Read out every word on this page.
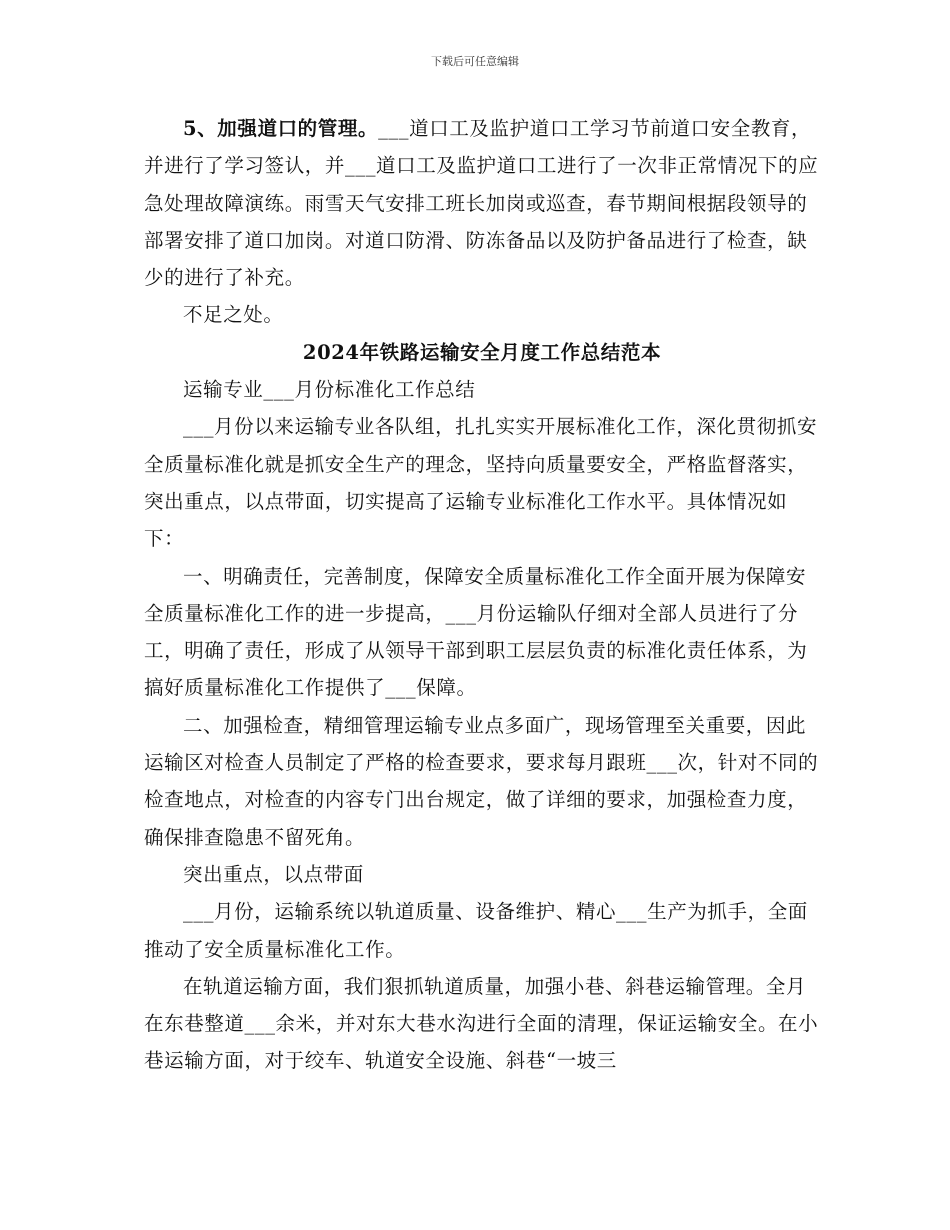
下载后可任意编辑

5、加强道口的管理。___道口工及监护道口工学习节前道口安全教育，并进行了学习签认，并___道口工及监护道口工进行了一次非正常情况下的应急处理故障演练。雨雪天气安排工班长加岗或巡查，春节期间根据段领导的部署安排了道口加岗。对道口防滑、防冻备品以及防护备品进行了检查，缺少的进行了补充。

不足之处。

2024年铁路运输安全月度工作总结范本

运输专业___月份标准化工作总结

___月份以来运输专业各队组，扎扎实实开展标准化工作，深化贯彻抓安全质量标准化就是抓安全生产的理念，坚持向质量要安全，严格监督落实，突出重点，以点带面，切实提高了运输专业标准化工作水平。具体情况如下：

一、明确责任，完善制度，保障安全质量标准化工作全面开展为保障安全质量标准化工作的进一步提高，___月份运输队仔细对全部人员进行了分工，明确了责任，形成了从领导干部到职工层层负责的标准化责任体系，为搞好质量标准化工作提供了___保障。

二、加强检查，精细管理运输专业点多面广，现场管理至关重要，因此运输区对检查人员制定了严格的检查要求，要求每月跟班___次，针对不同的检查地点，对检查的内容专门出台规定，做了详细的要求，加强检查力度，确保排查隐患不留死角。

突出重点，以点带面

___月份，运输系统以轨道质量、设备维护、精心___生产为抓手，全面推动了安全质量标准化工作。

在轨道运输方面，我们狠抓轨道质量，加强小巷、斜巷运输管理。全月在东巷整道___余米，并对东大巷水沟进行全面的清理，保证运输安全。在小巷运输方面，对于绞车、轨道安全设施、斜巷“一坡三
